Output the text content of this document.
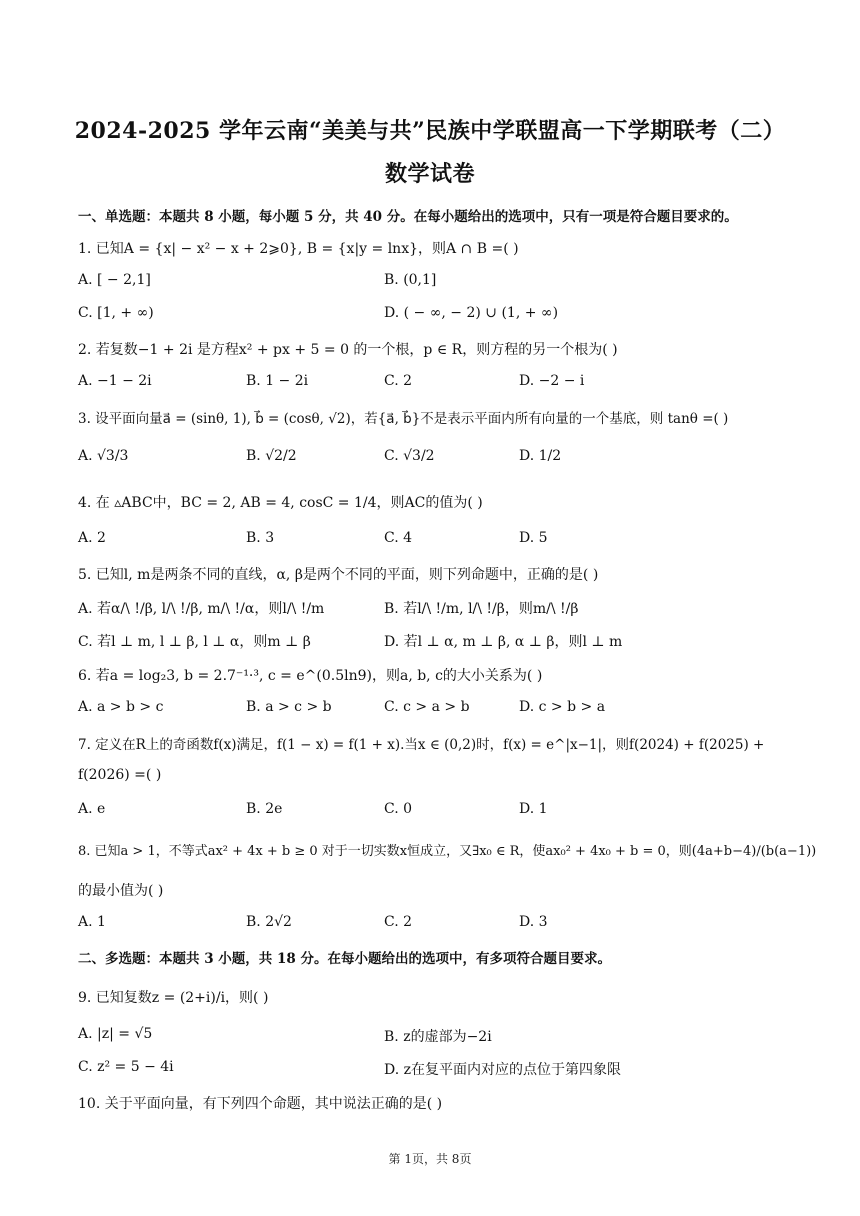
2024-2025 学年云南“美美与共”民族中学联盟高一下学期联考（二）
数学试卷
一、单选题：本题共 8 小题，每小题 5 分，共 40 分。在每小题给出的选项中，只有一项是符合题目要求的。
1. 已知A = {x| − x² − x + 2⩾0}, B = {x|y = lnx}，则A ∩ B =( )
A. [ − 2,1]	B. (0,1]
C. [1, + ∞)	D. ( − ∞, − 2) ∪ (1, + ∞)
2. 若复数−1 + 2i 是方程x² + px + 5 = 0 的一个根，p ∈ R，则方程的另一个根为( )
A. −1 − 2i	B. 1 − 2i	C. 2	D. −2 − i
3. 设平面向量a⃗ = (sinθ, 1), b⃗ = (cosθ, √2)，若{a⃗, b⃗}不是表示平面内所有向量的一个基底，则 tanθ =( )
A. √3/3	B. √2/2	C. √3/2	D. 1/2
4. 在 ▵ABC中，BC = 2, AB = 4, cosC = 1/4，则AC的值为( )
A. 2	B. 3	C. 4	D. 5
5. 已知l, m是两条不同的直线，α, β是两个不同的平面，则下列命题中，正确的是( )
A. 若α/\ !/β, l/\ !/β, m/\ !/α，则l/\ !/m	B. 若l/\ !/m, l/\ !/β，则m/\ !/β
C. 若l ⊥ m, l ⊥ β, l ⊥ α，则m ⊥ β	D. 若l ⊥ α, m ⊥ β, α ⊥ β，则l ⊥ m
6. 若a = log₂3, b = 2.7⁻¹·³, c = e^(0.5ln9)，则a, b, c的大小关系为( )
A. a > b > c	B. a > c > b	C. c > a > b	D. c > b > a
7. 定义在R上的奇函数f(x)满足，f(1 − x) = f(1 + x).当x ∈ (0,2)时，f(x) = e^|x−1|，则f(2024) + f(2025) +
f(2026) =( )
A. e	B. 2e	C. 0	D. 1
8. 已知a > 1，不等式ax² + 4x + b ≥ 0 对于一切实数x恒成立，又∃x₀ ∈ R，使ax₀² + 4x₀ + b = 0，则(4a+b−4)/(b(a−1))
的最小值为( )
A. 1	B. 2√2	C. 2	D. 3
二、多选题：本题共 3 小题，共 18 分。在每小题给出的选项中，有多项符合题目要求。
9. 已知复数z = (2+i)/i，则( )
A. |z| = √5	B. z的虚部为−2i
C. z² = 5 − 4i	D. z在复平面内对应的点位于第四象限
10. 关于平面向量，有下列四个命题，其中说法正确的是( )
第 1页，共 8页
